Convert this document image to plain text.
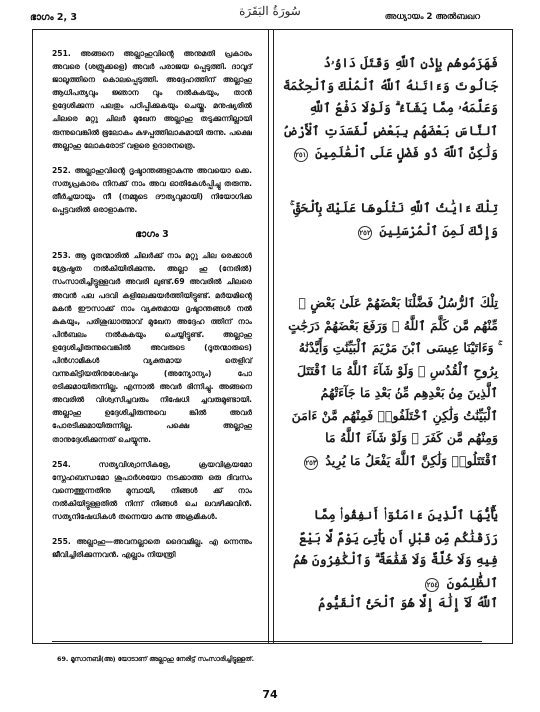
ഭാഗം 2, 3	سُورَةُ البَقَرَة	അധ്യായം 2 അൽബഖറ

251. അങ്ങനെ അല്ലാഹുവിന്റെ അനുമതി പ്രകാരം അവരെ (ശത്രുക്കളെ) അവർ പരാജയ പ്പെടുത്തി. ദാവൂദ് ജാലൂത്തിനെ കൊലപ്പെടുത്തി. അദ്ദേഹത്തിന് അല്ലാഹു ആധിപത്യവും ജ്ഞാന വും നൽകുകയും, താൻ ഉദ്ദേശിക്കുന്ന പലതും പഠിപ്പിക്കുകയും ചെയ്തു. മനുഷ്യരിൽ ചിലരെ മറ്റു ചിലർ മുഖേന അല്ലാഹു തടുക്കുന്നില്ലായി രുന്നുവെങ്കിൽ ഭൂലോകം കുഴപ്പത്തിലാകുമായി രുന്നു. പക്ഷെ അല്ലാഹു ലോകരോട് വളരെ ഉദാരനത്രെ.

252. അല്ലാഹുവിന്റെ ദൃഷ്ടാന്തങ്ങളാകുന്നു അവയൊ ക്കെ. സത്യപ്രകാരം നിനക്ക് നാം അവ ഓതികേൾപ്പിച്ചു തരുന്നു. തീർച്ചയായും നീ (നമ്മുടെ ദൗത്യവുമായി) നിയോഗിക്ക പ്പെട്ടവരിൽ ഒരാളാകുന്നു.

ഭാഗം 3

253. ആ ദൂതന്മാരിൽ ചിലർക്ക് നാം മറ്റു ചില രെക്കാൾ ശ്രേഷ്ഠത നൽകിയിരിക്കുന്നു. അല്ലാ ഹു (നേരിൽ) സംസാരിച്ചിട്ടുള്ളവർ അവരി ലുണ്ട്.69 അവരിൽ ചിലരെ അവൻ പല പദവി കളിലേക്കുയർത്തിയിട്ടുണ്ട്. മർയമിന്റെ മകൻ ഈസാക്ക് നാം വ്യക്തമായ ദൃഷ്ടാന്തങ്ങൾ നൽ കുകയും, പരിശുദ്ധാത്മാവ് മുഖേന അദ്ദേഹ ത്തിന് നാം പിൻബലം നൽകുകയും ചെയ്യിട്ടുണ്ട്. അല്ലാഹു ഉദ്ദേശിച്ചിരുന്നുവെങ്കിൽ അവരുടെ (ദൂതന്മാരുടെ) പിൻഗാമികൾ വ്യക്തമായ തെളിവ് വന്നുകിട്ടിയതിനുശേഷവും (അന്യോന്യം) പോ രടിക്കുമായിരുന്നില്ല. എന്നാൽ അവർ ഭിന്നിച്ചു. അങ്ങനെ അവരിൽ വിശ്വസിച്ചവരും നിഷേധി ച്ചവരുമുണ്ടായി. അല്ലാഹു ഉദ്ദേശിച്ചിരുന്നുവെ ങ്കിൽ അവർ പോരടിക്കുമായിരുന്നില്ല. പക്ഷെ അല്ലാഹു താനുദ്ദേശിക്കുന്നത് ചെയ്യുന്നു.

254. സത്യവിശ്വാസികളേ, ക്രയവിക്രയമോ സ്നേഹബന്ധമോ ശുപാർശയോ നടക്കാത്ത ഒരു ദിവസം വന്നെത്തുന്നതിനു മുമ്പായി, നിങ്ങൾ ക്ക് നാം നൽകിയിട്ടുള്ളതിൽ നിന്ന് നിങ്ങൾ ചെ ലവഴിക്കുവിൻ. സത്യനിഷേധികൾ തന്നെയാ കുന്നു അക്രമികൾ.

255. അല്ലാഹു—അവനല്ലാതെ ദൈവമില്ല. എ ന്നെന്നും ജീവിച്ചിരിക്കുന്നവൻ. എല്ലാം നിയന്ത്രി

فَهَزَمُوهُم بِإِذْنِ ٱللَّهِ وَقَتَلَ دَاوُۥدُ جَالُوتَ وَءَاتَىٰهُ ٱللَّهُ ٱلْمُلْكَ وَٱلْحِكْمَةَ وَعَلَّمَهُۥ مِمَّا يَشَآءُ ۗ وَلَوْلَا دَفْعُ ٱللَّهِ ٱلنَّاسَ بَعْضَهُم بِبَعْضٍ لَّفَسَدَتِ ٱلْأَرْضُ وَلَٰكِنَّ ٱللَّهَ ذُو فَضْلٍ عَلَى ٱلْعَٰلَمِينَ ٢٥١
تِلْكَ ءَايَٰتُ ٱللَّهِ نَتْلُوهَا عَلَيْكَ بِٱلْحَقِّ ۚ وَإِنَّكَ لَمِنَ ٱلْمُرْسَلِينَ ٢٥٢
تِلْكَ ٱلرُّسُلُ فَضَّلْنَا بَعْضَهُمْ عَلَىٰ بَعْضٍ ۘ مِّنْهُم مَّن كَلَّمَ ٱللَّهُ ۖ وَرَفَعَ بَعْضَهُمْ دَرَجَٰتٍ ۚ وَءَاتَيْنَا عِيسَى ٱبْنَ مَرْيَمَ ٱلْبَيِّنَٰتِ وَأَيَّدْنَٰهُ بِرُوحِ ٱلْقُدُسِ ۗ وَلَوْ شَآءَ ٱللَّهُ مَا ٱقْتَتَلَ ٱلَّذِينَ مِنۢ بَعْدِهِم مِّنۢ بَعْدِ مَا جَآءَتْهُمُ ٱلْبَيِّنَٰتُ وَلَٰكِنِ ٱخْتَلَفُوا۟ فَمِنْهُم مَّنْ ءَامَنَ وَمِنْهُم مَّن كَفَرَ ۚ وَلَوْ شَآءَ ٱللَّهُ مَا ٱقْتَتَلُوا۟ وَلَٰكِنَّ ٱللَّهَ يَفْعَلُ مَا يُرِيدُ ٢٥٣
يَٰٓأَيُّهَا ٱلَّذِينَ ءَامَنُوٓا۟ أَنفِقُوا۟ مِمَّا رَزَقْنَٰكُم مِّن قَبْلِ أَن يَأْتِىَ يَوْمٌ لَّا بَيْعٌ فِيهِ وَلَا خُلَّةٌ وَلَا شَفَٰعَةٌ ۗ وَٱلْكَٰفِرُونَ هُمُ ٱلظَّٰلِمُونَ ٢٥٤
ٱللَّهُ لَآ إِلَٰهَ إِلَّا هُوَ ٱلْحَىُّ ٱلْقَيُّومُ
69. മൂസാനബി(അ) യോടാണ് അല്ലാഹു നേരിട്ട് സംസാരിച്ചിട്ടുള്ളത്.
74
